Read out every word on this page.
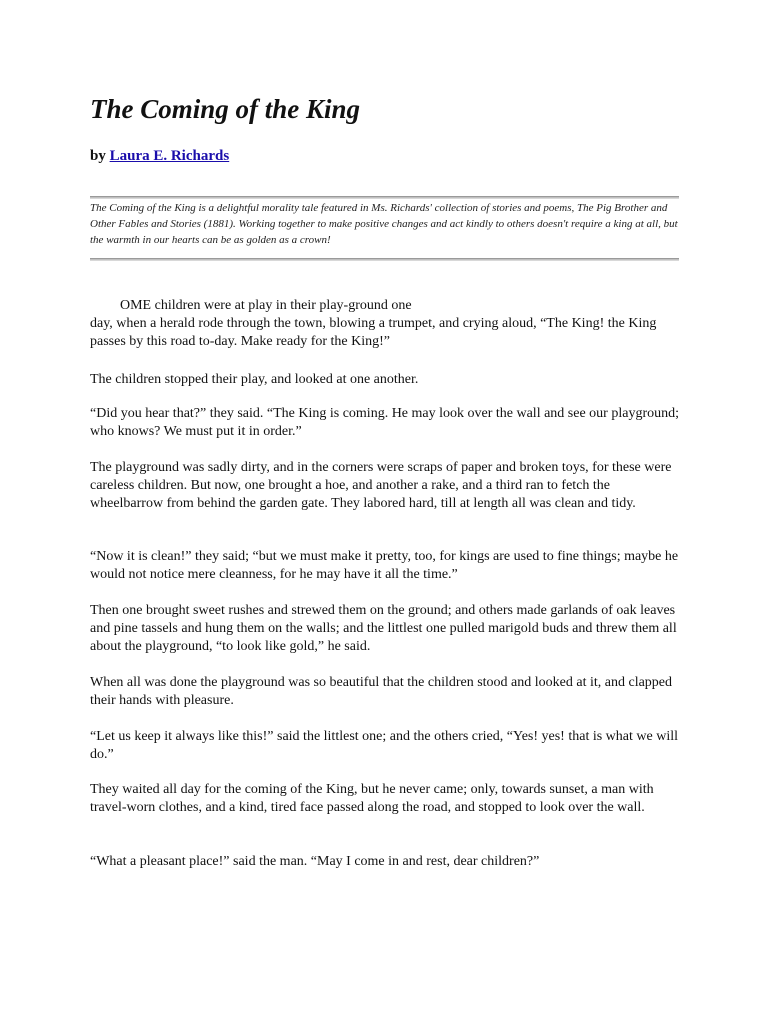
The Coming of the King
by Laura E. Richards
The Coming of the King is a delightful morality tale featured in Ms. Richards' collection of stories and poems, The Pig Brother and Other Fables and Stories (1881). Working together to make positive changes and act kindly to others doesn't require a king at all, but the warmth in our hearts can be as golden as a crown!
OME children were at play in their play-ground one

day, when a herald rode through the town, blowing a trumpet, and crying aloud, “The King! the King passes by this road to-day. Make ready for the King!”

The children stopped their play, and looked at one another.

“Did you hear that?” they said. “The King is coming. He may look over the wall and see our playground; who knows? We must put it in order.”

The playground was sadly dirty, and in the corners were scraps of paper and broken toys, for these were careless children. But now, one brought a hoe, and another a rake, and a third ran to fetch the wheelbarrow from behind the garden gate. They labored hard, till at length all was clean and tidy.

“Now it is clean!” they said; “but we must make it pretty, too, for kings are used to fine things; maybe he would not notice mere cleanness, for he may have it all the time.”

Then one brought sweet rushes and strewed them on the ground; and others made garlands of oak leaves and pine tassels and hung them on the walls; and the littlest one pulled marigold buds and threw them all about the playground, “to look like gold,” he said.

When all was done the playground was so beautiful that the children stood and looked at it, and clapped their hands with pleasure.

“Let us keep it always like this!” said the littlest one; and the others cried, “Yes! yes! that is what we will do.”

They waited all day for the coming of the King, but he never came; only, towards sunset, a man with travel-worn clothes, and a kind, tired face passed along the road, and stopped to look over the wall.

“What a pleasant place!” said the man. “May I come in and rest, dear children?”
